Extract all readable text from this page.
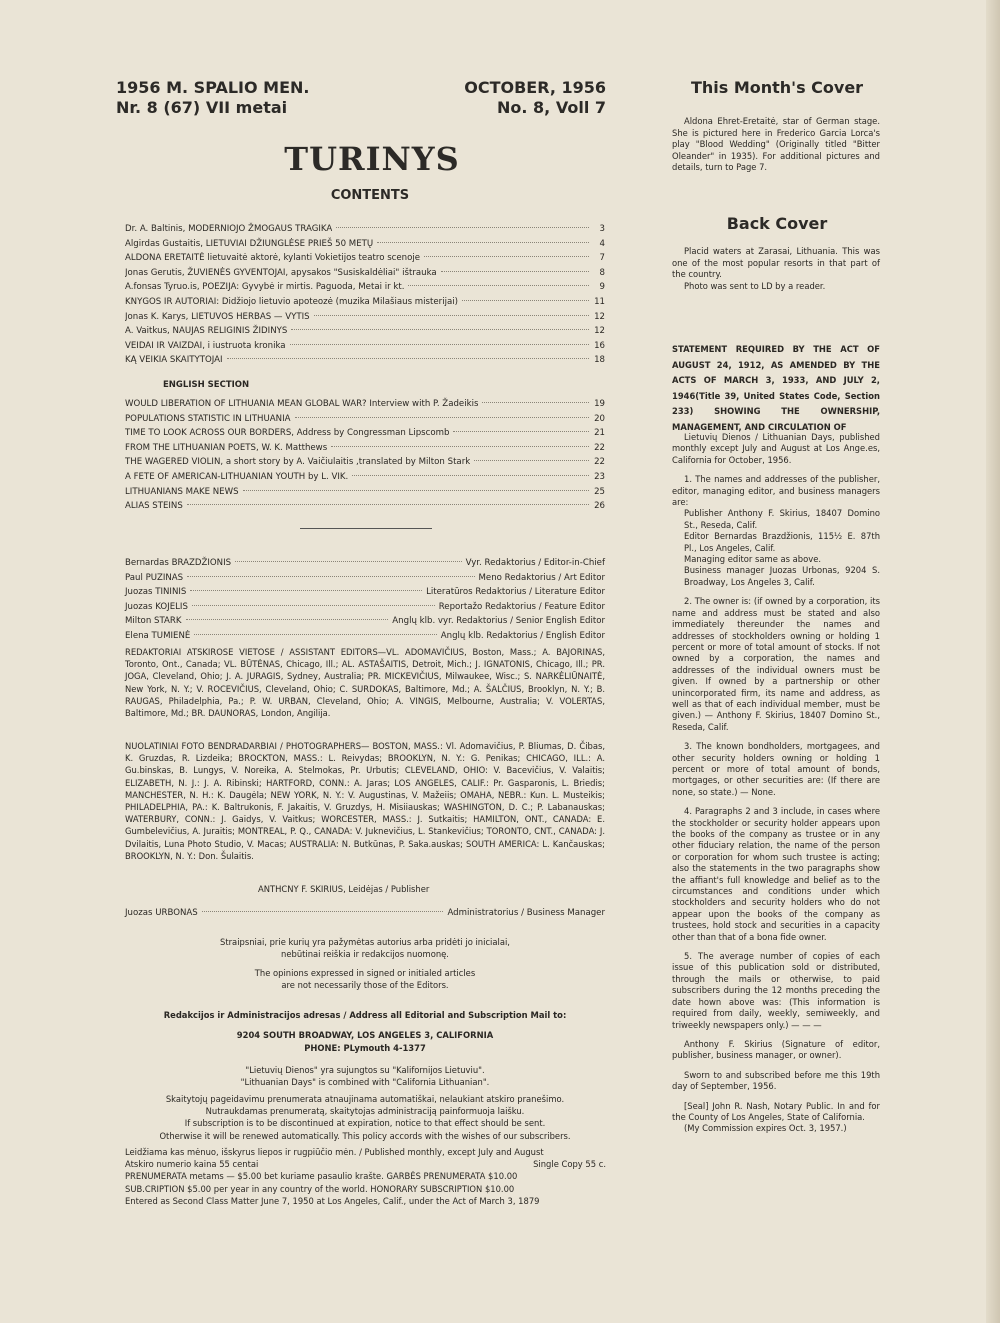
1956 M. SPALIO MEN.
Nr. 8 (67) VII metai
OCTOBER, 1956
No. 8, Voll 7
TURINYS
CONTENTS
Dr. A. Baltinis, MODERNIOJO ŽMOGAUS TRAGIKA	3
Algirdas Gustaitis, LIETUVIAI DŽIUNGLĖSE PRIEŠ 50 METŲ	4
ALDONA ERETAITĖ lietuvaitė aktorė, kylanti Vokietijos teatro scenoje	7
Jonas Gerutis, ŽUVIENĖS GYVENTOJAI, apysakos "Susiskaldėliai" ištrauka	8
A.fonsas Tyruo.is, POEZIJA: Gyvybė ir mirtis. Paguoda, Metai ir kt.	9
KNYGOS IR AUTORIAI: Didžiojo lietuvio apoteozė (muzika Milašiaus misterijai)	11
Jonas K. Karys, LIETUVOS HERBAS — VYTIS	12
A. Vaitkus, NAUJAS RELIGINIS ŽIDINYS	12
VEIDAI IR VAIZDAI, i iustruota kronika	16
KĄ VEIKIA SKAITYTOJAI	18
ENGLISH SECTION
WOULD LIBERATION OF LITHUANIA MEAN GLOBAL WAR? Interview with P. Žadeikis	19
POPULATIONS STATISTIC IN LITHUANIA	20
TIME TO LOOK ACROSS OUR BORDERS, Address by Congressman Lipscomb	21
FROM THE LITHUANIAN POETS, W. K. Matthews	22
THE WAGERED VIOLIN, a short story by A. Vaičiulaitis ,translated by Milton Stark	22
A FETE OF AMERICAN-LITHUANIAN YOUTH by L. VIK.	23
LITHUANIANS MAKE NEWS	25
ALIAS STEINS	26
Bernardas BRAZDŽIONIS	Vyr. Redaktorius / Editor-in-Chief
Paul PUZINAS	Meno Redaktorius / Art Editor
Juozas TININIS	Literatūros Redaktorius / Literature Editor
Juozas KOJELIS	Reportažo Redaktorius / Feature Editor
Milton STARK	Anglų klb. vyr. Redaktorius / Senior English Editor
Elena TUMIENĖ	Anglų klb. Redaktorius / English Editor
REDAKTORIAI ATSKIROSE VIETOSE / ASSISTANT EDITORS—VL. ADOMAVIČIUS, Boston, Mass.; A. BAJORINAS, Toronto, Ont., Canada; VL. BŪTĖNAS, Chicago, Ill.; AL. ASTAŠAITIS, Detroit, Mich.; J. IGNATONIS, Chicago, Ill.; PR. JOGA, Cleveland, Ohio; J. A. JURAGIS, Sydney, Australia; PR. MICKEVIČIUS, Milwaukee, Wisc.; S. NARKĖLIŪNAITĖ, New York, N. Y.; V. ROCEVIČIUS, Cleveland, Ohio; C. SURDOKAS, Baltimore, Md.; A. ŠALČIUS, Brooklyn, N. Y.; B. RAUGAS, Philadelphia, Pa.; P. W. URBAN, Cleveland, Ohio; A. VINGIS, Melbourne, Australia; V. VOLERTAS, Baltimore, Md.; BR. DAUNORAS, London, Angilija.
NUOLATINIAI FOTO BENDRADARBIAI / PHOTOGRAPHERS— BOSTON, MASS.: Vl. Adomavičius, P. Bliumas, D. Čibas, K. Gruzdas, R. Lizdeika; BROCKTON, MASS.: L. Reivydas; BROOKLYN, N. Y.: G. Penikas; CHICAGO, ILL.: A. Gu.binskas, B. Lungys, V. Noreika, A. Stelmokas, Pr. Urbutis; CLEVELAND, OHIO: V. Bacevičius, V. Valaitis; ELIZABETH, N. J.: J. A. Ribinski; HARTFORD, CONN.: A. Jaras; LOS ANGELES, CALIF.: Pr. Gasparonis, L. Briedis; MANCHESTER, N. H.: K. Daugėla; NEW YORK, N. Y.: V. Augustinas, V. Mažeiis; OMAHA, NEBR.: Kun. L. Musteikis; PHILADELPHIA, PA.: K. Baltrukonis, F. Jakaitis, V. Gruzdys, H. Misiiauskas; WASHINGTON, D. C.; P. Labanauskas; WATERBURY, CONN.: J. Gaidys, V. Vaitkus; WORCESTER, MASS.: J. Sutkaitis; HAMILTON, ONT., CANADA: E. Gumbelevičius, A. Juraitis; MONTREAL, P. Q., CANADA: V. Juknevičius, L. Stankevičius; TORONTO, CNT., CANADA: J. Dvilaitis, Luna Photo Studio, V. Macas; AUSTRALIA: N. Butkūnas, P. Saka.auskas; SOUTH AMERICA: L. Kančauskas; BROOKLYN, N. Y.: Don. Šulaitis.
ANTHCNY F. SKIRIUS, Leidėjas / Publisher
Juozas URBONAS	Administratorius / Business Manager
Straipsniai, prie kurių yra pažymėtas autorius arba pridėti jo inicialai,
nebūtinai reiškia ir redakcijos nuomonę.
The opinions expressed in signed or initialed articles
are not necessarily those of the Editors.
Redakcijos ir Administracijos adresas / Address all Editorial and Subscription Mail to:
9204 SOUTH BROADWAY, LOS ANGELES 3, CALIFORNIA
PHONE: PLymouth 4-1377
"Lietuvių Dienos" yra sujungtos su "Kalifornijos Lietuviu".
"Lithuanian Days" is combined with "California Lithuanian".
Skaitytojų pageidavimu prenumerata atnaujinama automatiškai, nelaukiant atskiro pranešimo.
Nutraukdamas prenumeratą, skaitytojas administraciją painformuoja laišku.
If subscription is to be discontinued at expiration, notice to that effect should be sent.
Otherwise it will be renewed automatically. This policy accords with the wishes of our subscribers.
Leidžiama kas mėnuo, išskyrus liepos ir rugpiūčio mėn. / Published monthly, except July and August
Atskiro numerio kaina 55 centai	Single Copy 55 c.
PRENUMERATA metams — $5.00 bet kuriame pasaulio krašte. GARBĖS PRENUMERATA $10.00
SUB.CRIPTION $5.00 per year in any country of the world. HONORARY SUBSCRIPTION $10.00
Entered as Second Class Matter June 7, 1950 at Los Angeles, Calif., under the Act of March 3, 1879
This Month's Cover

Aldona Ehret-Eretaitė, star of German stage. She is pictured here in Frederico Garcia Lorca's play "Blood Wedding" (Originally titled "Bitter Oleander" in 1935). For additional pictures and details, turn to Page 7.

Back Cover

Placid waters at Zarasai, Lithuania. This was one of the most popular resorts in that part of the country.

Photo was sent to LD by a reader.

STATEMENT REQUIRED BY THE ACT OF AUGUST 24, 1912, AS AMENDED BY THE ACTS OF MARCH 3, 1933, AND JULY 2, 1946(Title 39, United States Code, Section 233) SHOWING THE OWNERSHIP, MANAGEMENT, AND CIRCULATION OF

Lietuvių Dienos / Lithuanian Days, published monthly except July and August at Los Ange.es, California for October, 1956.

1. The names and addresses of the publisher, editor, managing editor, and business managers are:

Publisher Anthony F. Skirius, 18407 Domino St., Reseda, Calif.

Editor Bernardas Brazdžionis, 115½ E. 87th Pl., Los Angeles, Calif.

Managing editor same as above.

Business manager Juozas Urbonas, 9204 S. Broadway, Los Angeles 3, Calif.

2. The owner is: (if owned by a corporation, its name and address must be stated and also immediately thereunder the names and addresses of stockholders owning or holding 1 percent or more of total amount of stocks. If not owned by a corporation, the names and addresses of the individual owners must be given. If owned by a partnership or other unincorporated firm, its name and address, as well as that of each individual member, must be given.) — Anthony F. Skirius, 18407 Domino St., Reseda, Calif.

3. The known bondholders, mortgagees, and other security holders owning or holding 1 percent or more of total amount of bonds, mortgages, or other securities are: (If there are none, so state.) — None.

4. Paragraphs 2 and 3 include, in cases where the stockholder or security holder appears upon the books of the company as trustee or in any other fiduciary relation, the name of the person or corporation for whom such trustee is acting; also the statements in the two paragraphs show the affiant's full knowledge and belief as to the circumstances and conditions under which stockholders and security holders who do not appear upon the books of the company as trustees, hold stock and securities in a capacity other than that of a bona fide owner.

5. The average number of copies of each issue of this publication sold or distributed, through the mails or otherwise, to paid subscribers during the 12 months preceding the date hown above was: (This information is required from daily, weekly, semiweekly, and triweekly newspapers only.) — — —

Anthony F. Skirius (Signature of editor, publisher, business manager, or owner).

Sworn to and subscribed before me this 19th day of September, 1956.

[Seal] John R. Nash, Notary Public. In and for the County of Los Angeles, State of California.

(My Commission expires Oct. 3, 1957.)
